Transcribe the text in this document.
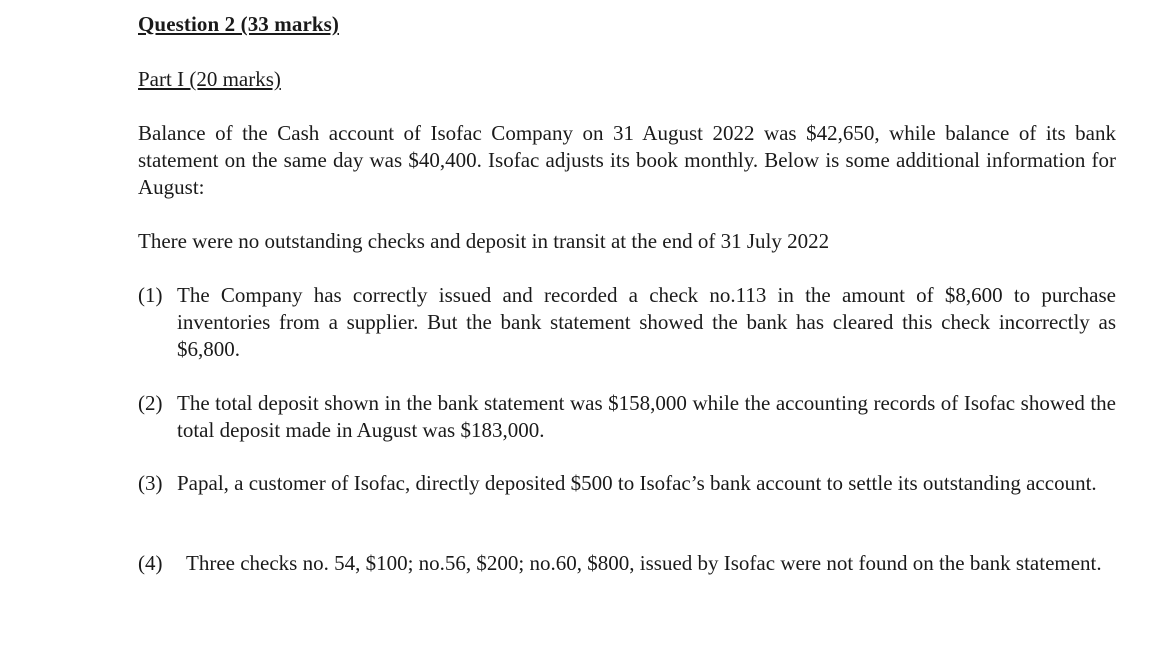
Question 2 (33 marks)
Part I (20 marks)
Balance of the Cash account of Isofac Company on 31 August 2022 was $42,650, while balance of its bank statement on the same day was $40,400. Isofac adjusts its book monthly. Below is some additional information for August:
There were no outstanding checks and deposit in transit at the end of 31 July 2022
(1) The Company has correctly issued and recorded a check no.113 in the amount of $8,600 to purchase inventories from a supplier. But the bank statement showed the bank has cleared this check incorrectly as $6,800.
(2) The total deposit shown in the bank statement was $158,000 while the accounting records of Isofac showed the total deposit made in August was $183,000.
(3) Papal, a customer of Isofac, directly deposited $500 to Isofac’s bank account to settle its outstanding account.
(4) Three checks no. 54, $100; no.56, $200; no.60, $800, issued by Isofac were not found on the bank statement.
